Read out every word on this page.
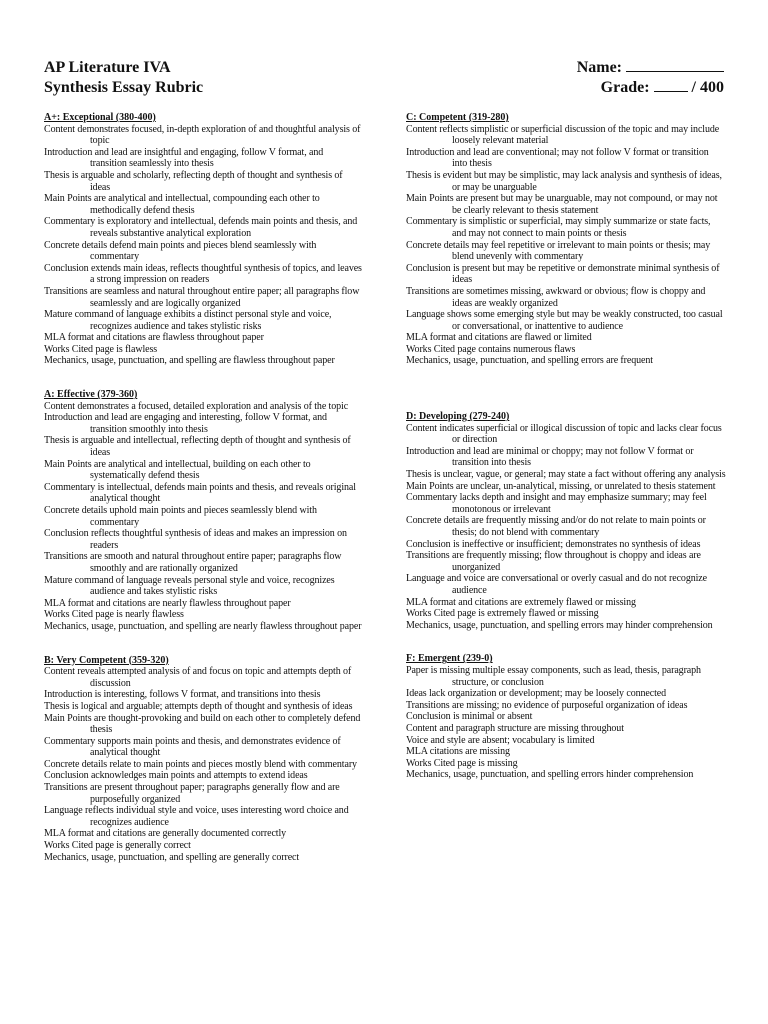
AP Literature IVA
Synthesis Essay Rubric
Name:
Grade:	/ 400
A+: Exceptional (380-400)

Content demonstrates focused, in-depth exploration of and thoughtful analysis of topic

Introduction and lead are insightful and engaging, follow V format, and transition seamlessly into thesis

Thesis is arguable and scholarly, reflecting depth of thought and synthesis of ideas

Main Points are analytical and intellectual, compounding each other to methodically defend thesis

Commentary is exploratory and intellectual, defends main points and thesis, and reveals substantive analytical exploration

Concrete details defend main points and pieces blend seamlessly with commentary

Conclusion extends main ideas, reflects thoughtful synthesis of topics, and leaves a strong impression on readers

Transitions are seamless and natural throughout entire paper; all paragraphs flow seamlessly and are logically organized

Mature command of language exhibits a distinct personal style and voice, recognizes audience and takes stylistic risks

MLA format and citations are flawless throughout paper

Works Cited page is flawless

Mechanics, usage, punctuation, and spelling are flawless throughout paper

A: Effective (379-360)

Content demonstrates a focused, detailed exploration and analysis of the topic

Introduction and lead are engaging and interesting, follow V format, and transition smoothly into thesis

Thesis is arguable and intellectual, reflecting depth of thought and synthesis of ideas

Main Points are analytical and intellectual, building on each other to systematically defend thesis

Commentary is intellectual, defends main points and thesis, and reveals original analytical thought

Concrete details uphold main points and pieces seamlessly blend with commentary

Conclusion reflects thoughtful synthesis of ideas and makes an impression on readers

Transitions are smooth and natural throughout entire paper; paragraphs flow smoothly and are rationally organized

Mature command of language reveals personal style and voice, recognizes audience and takes stylistic risks

MLA format and citations are nearly flawless throughout paper

Works Cited page is nearly flawless

Mechanics, usage, punctuation, and spelling are nearly flawless throughout paper

B: Very Competent (359-320)

Content reveals attempted analysis of and focus on topic and attempts depth of discussion

Introduction is interesting, follows V format, and transitions into thesis

Thesis is logical and arguable; attempts depth of thought and synthesis of ideas

Main Points are thought-provoking and build on each other to completely defend thesis

Commentary supports main points and thesis, and demonstrates evidence of analytical thought

Concrete details relate to main points and pieces mostly blend with commentary

Conclusion acknowledges main points and attempts to extend ideas

Transitions are present throughout paper; paragraphs generally flow and are purposefully organized

Language reflects individual style and voice, uses interesting word choice and recognizes audience

MLA format and citations are generally documented correctly

Works Cited page is generally correct

Mechanics, usage, punctuation, and spelling are generally correct

C: Competent (319-280)

Content reflects simplistic or superficial discussion of the topic and may include loosely relevant material

Introduction and lead are conventional; may not follow V format or transition into thesis

Thesis is evident but may be simplistic, may lack analysis and synthesis of ideas, or may be unarguable

Main Points are present but may be unarguable, may not compound, or may not be clearly relevant to thesis statement

Commentary is simplistic or superficial, may simply summarize or state facts, and may not connect to main points or thesis

Concrete details may feel repetitive or irrelevant to main points or thesis; may blend unevenly with commentary

Conclusion is present but may be repetitive or demonstrate minimal synthesis of ideas

Transitions are sometimes missing, awkward or obvious; flow is choppy and ideas are weakly organized

Language shows some emerging style but may be weakly constructed, too casual or conversational, or inattentive to audience

MLA format and citations are flawed or limited

Works Cited page contains numerous flaws

Mechanics, usage, punctuation, and spelling errors are frequent

D: Developing (279-240)

Content indicates superficial or illogical discussion of topic and lacks clear focus or direction

Introduction and lead are minimal or choppy; may not follow V format or transition into thesis

Thesis is unclear, vague, or general; may state a fact without offering any analysis

Main Points are unclear, un-analytical, missing, or unrelated to thesis statement

Commentary lacks depth and insight and may emphasize summary; may feel monotonous or irrelevant

Concrete details are frequently missing and/or do not relate to main points or thesis; do not blend with commentary

Conclusion is ineffective or insufficient; demonstrates no synthesis of ideas

Transitions are frequently missing; flow throughout is choppy and ideas are unorganized

Language and voice are conversational or overly casual and do not recognize audience

MLA format and citations are extremely flawed or missing

Works Cited page is extremely flawed or missing

Mechanics, usage, punctuation, and spelling errors may hinder comprehension

F: Emergent (239-0)

Paper is missing multiple essay components, such as lead, thesis, paragraph structure, or conclusion

Ideas lack organization or development; may be loosely connected

Transitions are missing; no evidence of purposeful organization of ideas

Conclusion is minimal or absent

Content and paragraph structure are missing throughout

Voice and style are absent; vocabulary is limited

MLA citations are missing

Works Cited page is missing

Mechanics, usage, punctuation, and spelling errors hinder comprehension
